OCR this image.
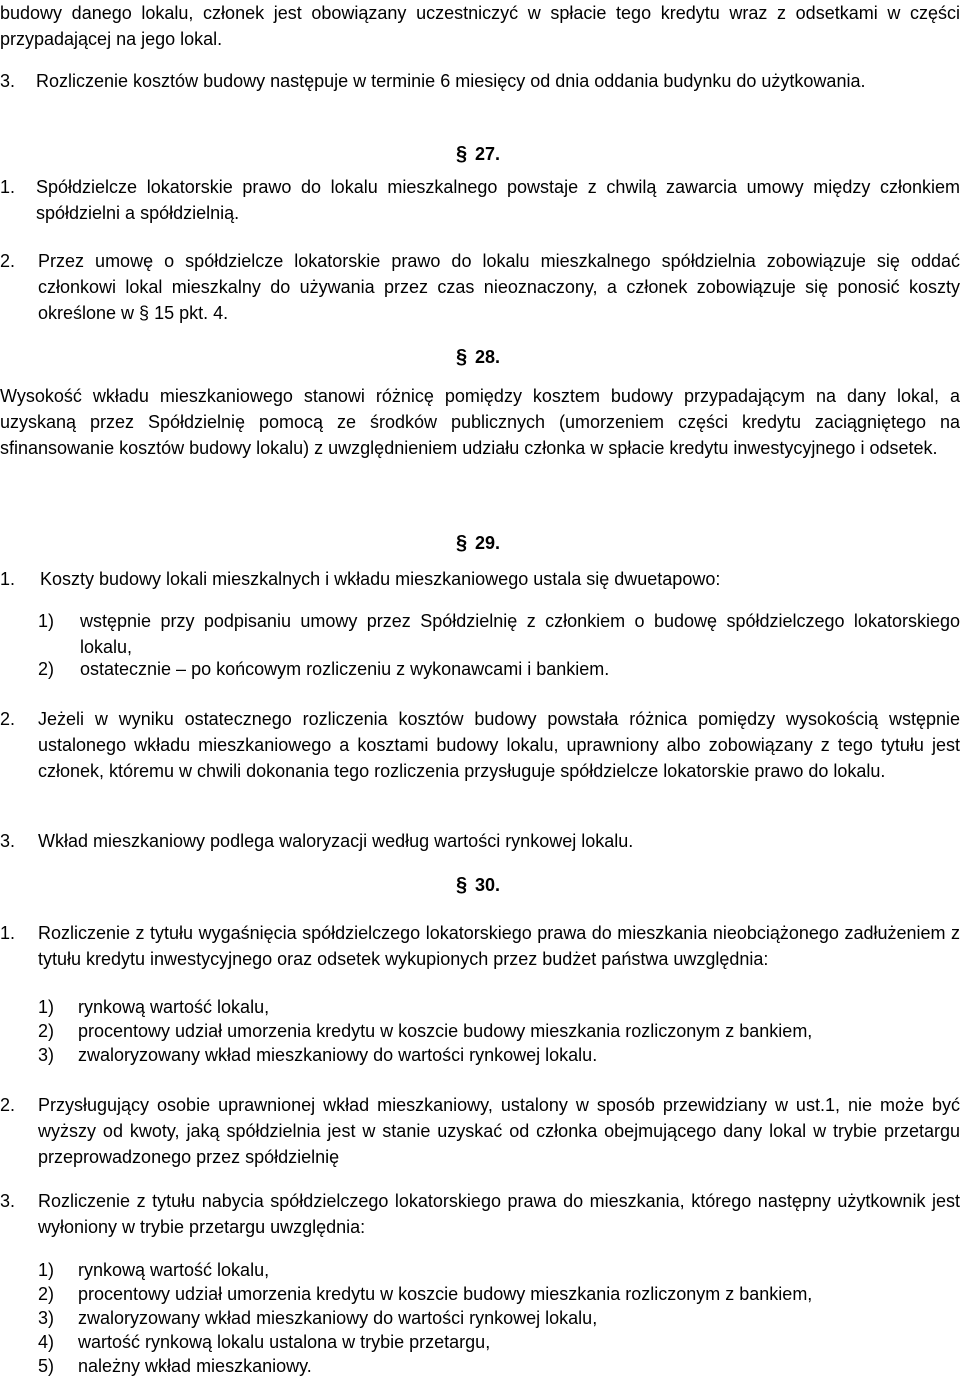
budowy danego lokalu, członek jest obowiązany uczestniczyć w spłacie tego kredytu wraz z odsetkami w części przypadającej na jego lokal.
3. Rozliczenie kosztów budowy następuje w terminie 6 miesięcy od dnia oddania budynku do użytkowania.
§ 27.
1. Spółdzielcze lokatorskie prawo do lokalu mieszkalnego powstaje z chwilą zawarcia umowy między członkiem spółdzielni a spółdzielnią.
2. Przez umowę o spółdzielcze lokatorskie prawo do lokalu mieszkalnego spółdzielnia zobowiązuje się oddać członkowi lokal mieszkalny do używania przez czas nieoznaczony, a członek zobowiązuje się ponosić koszty określone w § 15 pkt. 4.
§ 28.
Wysokość wkładu mieszkaniowego stanowi różnicę pomiędzy kosztem budowy przypadającym na dany lokal, a uzyskaną przez Spółdzielnię pomocą ze środków publicznych (umorzeniem części kredytu zaciągniętego na sfinansowanie kosztów budowy lokalu) z uwzględnieniem udziału członka w spłacie kredytu inwestycyjnego i odsetek.
§ 29.
1. Koszty budowy lokali mieszkalnych i wkładu mieszkaniowego ustala się dwuetapowo:
1) wstępnie przy podpisaniu umowy przez Spółdzielnię z członkiem o budowę spółdzielczego lokatorskiego lokalu,
2) ostatecznie – po końcowym rozliczeniu z wykonawcami i bankiem.
2. Jeżeli w wyniku ostatecznego rozliczenia kosztów budowy powstała różnica pomiędzy wysokością wstępnie ustalonego wkładu mieszkaniowego a kosztami budowy lokalu, uprawniony albo zobowiązany z tego tytułu jest członek, któremu w chwili dokonania tego rozliczenia przysługuje spółdzielcze lokatorskie prawo do lokalu.
3. Wkład mieszkaniowy podlega waloryzacji według wartości rynkowej lokalu.
§ 30.
1. Rozliczenie z tytułu wygaśnięcia spółdzielczego lokatorskiego prawa do mieszkania nieobciążonego zadłużeniem z tytułu kredytu inwestycyjnego oraz odsetek wykupionych przez budżet państwa uwzględnia:
1) rynkową wartość lokalu,
2) procentowy udział umorzenia kredytu w koszcie budowy mieszkania rozliczonym z bankiem,
3) zwaloryzowany wkład mieszkaniowy do wartości rynkowej lokalu.
2. Przysługujący osobie uprawnionej wkład mieszkaniowy, ustalony w sposób przewidziany w ust.1, nie może być wyższy od kwoty, jaką spółdzielnia jest w stanie uzyskać od członka obejmującego dany lokal w trybie przetargu przeprowadzonego przez spółdzielnię
3. Rozliczenie z tytułu nabycia spółdzielczego lokatorskiego prawa do mieszkania, którego następny użytkownik jest wyłoniony w trybie przetargu uwzględnia:
1) rynkową wartość lokalu,
2) procentowy udział umorzenia kredytu w koszcie budowy mieszkania rozliczonym z bankiem,
3) zwaloryzowany wkład mieszkaniowy do wartości rynkowej lokalu,
4) wartość rynkową lokalu ustalona w trybie przetargu,
5) należny wkład mieszkaniowy.
